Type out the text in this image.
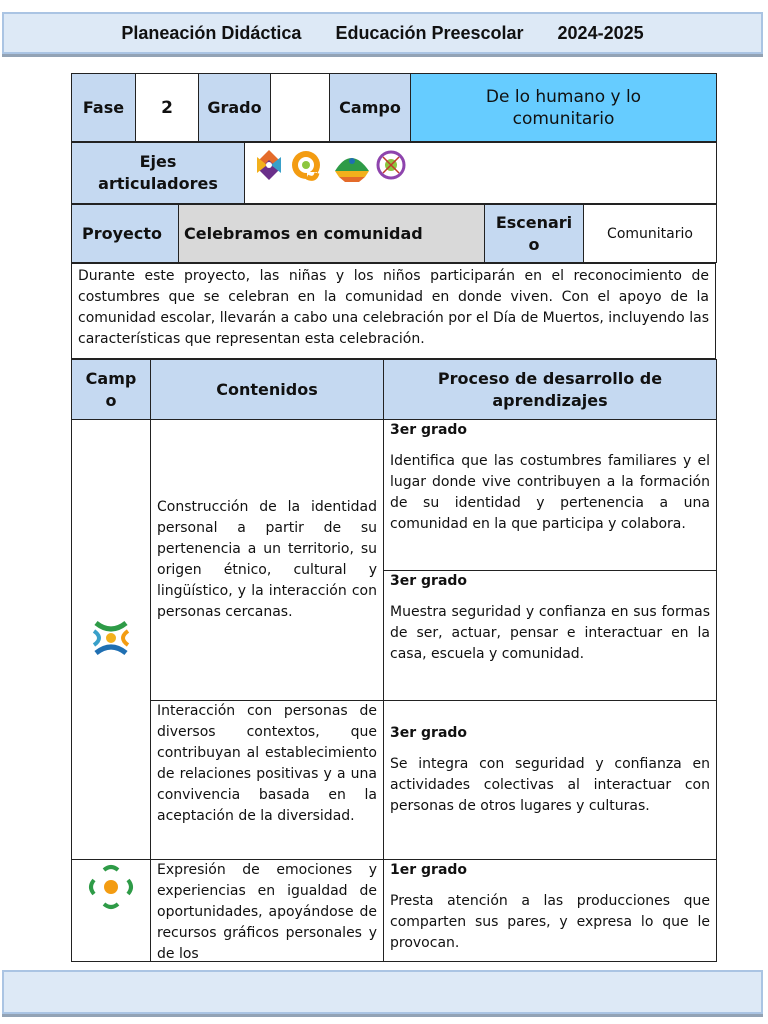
Planeación Didáctica Educación Preescolar 2024-2025
Fase	2	Grado		Campo	De lo humano y lo comunitario
Ejes articuladores	
Proyecto	Celebramos en comunidad	Escenario	Comunitario
Durante este proyecto, las niñas y los niños participarán en el reconocimiento de costumbres que se celebran en la comunidad en donde viven. Con el apoyo de la comunidad escolar, llevarán a cabo una celebración por el Día de Muertos, incluyendo las características que representan esta celebración.
Campo	Contenidos	Proceso de desarrollo de aprendizajes
	Construcción de la identidad personal a partir de su pertenencia a un territorio, su origen étnico, cultural y lingüístico, y la interacción con personas cercanas.	3er grado

Identifica que las costumbres familiares y el lugar donde vive contribuyen a la formación de su identidad y pertenencia a una comunidad en la que participa y colabora.

		3er grado

Muestra seguridad y confianza en sus formas de ser, actuar, pensar e interactuar en la casa, escuela y comunidad.

	Interacción con personas de diversos contextos, que contribuyan al establecimiento de relaciones positivas y a una convivencia basada en la aceptación de la diversidad.	3er grado

Se integra con seguridad y confianza en actividades colectivas al interactuar con personas de otros lugares y culturas.

Expresión de emociones y experiencias en igualdad de oportunidades, apoyándose de recursos gráficos personales y de los	1er grado

Presta atención a las producciones que comparten sus pares, y expresa lo que le provocan.
